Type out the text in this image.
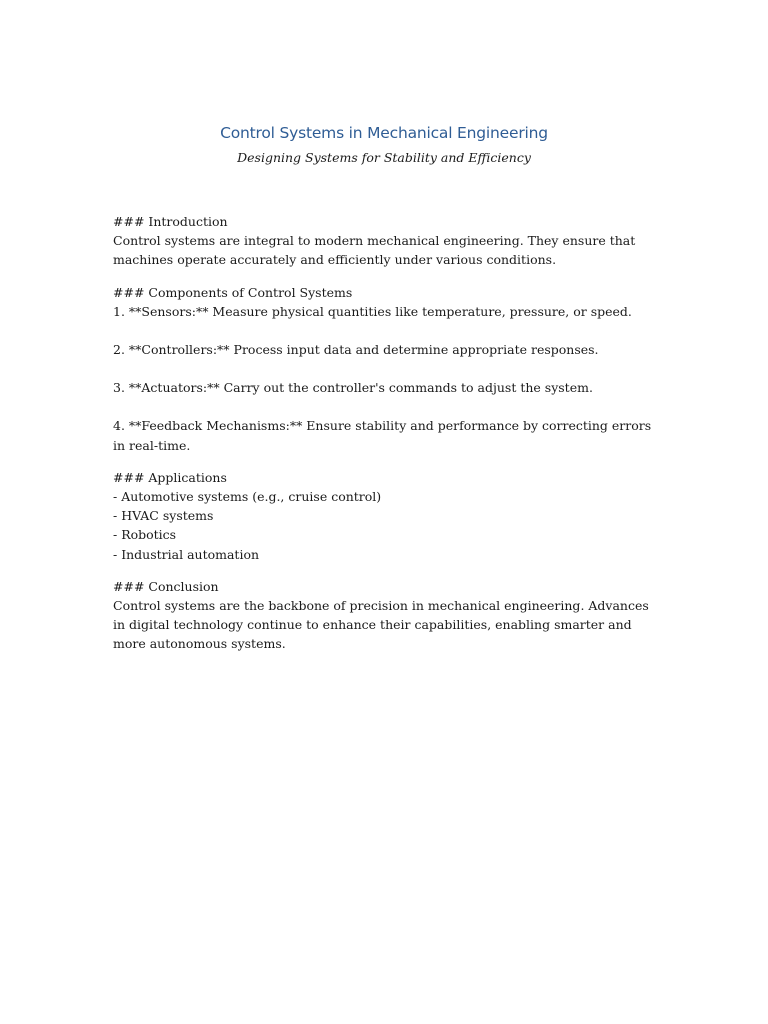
Control Systems in Mechanical Engineering
Designing Systems for Stability and Efficiency
### Introduction

Control systems are integral to modern mechanical engineering. They ensure that machines operate accurately and efficiently under various conditions.

### Components of Control Systems

1. **Sensors:** Measure physical quantities like temperature, pressure, or speed.

2. **Controllers:** Process input data and determine appropriate responses.

3. **Actuators:** Carry out the controller's commands to adjust the system.

4. **Feedback Mechanisms:** Ensure stability and performance by correcting errors in real-time.

### Applications
- Automotive systems (e.g., cruise control)
- HVAC systems
- Robotics
- Industrial automation
### Conclusion

Control systems are the backbone of precision in mechanical engineering. Advances in digital technology continue to enhance their capabilities, enabling smarter and more autonomous systems.
